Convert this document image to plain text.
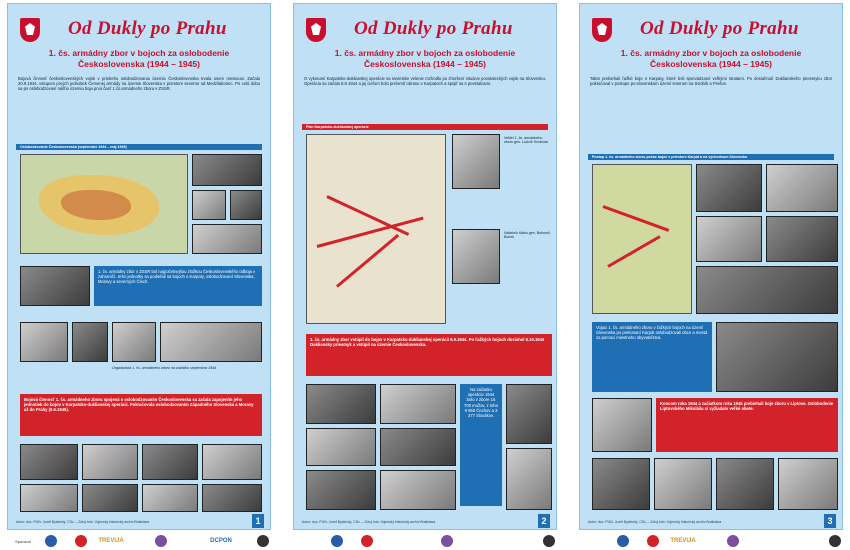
Od Dukly po Prahu
1. čs. armádny zbor v bojoch za oslobodenie
Československa (1944 – 1945)
Bojová činnosť československých vojsk v priebehu oslobodzovania územia Československa trvala osem mesiacov. Začala 20.9.1944, vstupom prvých jednotiek Červenej armády na územie Slovenska v priestore severne od Medzilaboriec. Po celú dobu sa po oslobodzovaní nášho územia boja prvá časť 1.čs.armádneho zboru v ZSSR.
Oslobodzovanie Československa (september 1944 – máj 1945)
1. čs. armádny zbor v ZSSR bol najpočetnejšou zložkou Československého odboja v zahraničí. Jeho jednotky sa podieľali na bojoch o Karpaty, oslobodzovaní Slovenska, Moravy a severných Čiech.
Organizácia 1. čs. armádneho zboru na začiatku septembra 1944
Bojová činnosť 1. čs. armádneho zboru spojená s oslobodzovaním Československa sa začala zapojením jeho jednotiek do bojov v Karpatsko-duklianskej operácii. Pokračovala oslobodzovaním Západného Slovenska a Moravy až do Prahy (9.5.1945).
Autor: doc. PhDr. Jozef Bystrický, CSc. – Zdroj foto: Vojenský historický archív Bratislava	1
Od Dukly po Prahu
1. čs. armádny zbor v bojoch za oslobodenie
Československa (1944 – 1945)
O vykonaní Karpatsko-duklianskej operácie sa sovietske velenie rozhodlo po zhoršení situácie povstaleckých vojsk na Slovensku. Operácia sa začala 8.9.1944 a jej cieľom bolo prelomiť obranu v Karpatoch a spojiť sa s povstalcami.
Plán Karpatsko-duklianskej operácie
Velitel 1. čs. armádneho zboru gen. Ludvík Svoboda
Náčelník štábu gen. Bohumil Boček
1. čs. armádny zbor vstúpil do bojov v Karpatsko-duklianskej operácii 9.9.1944. Po ťažkých bojoch dosiahol 6.10.1944 Dukliansky priesmyk a vstúpil na územie Československa.
Na začiatku operácie 1944 bolo v zbore 16 700 mužov, z toho 9 966 Čechov a 3 377 Slovákov.
Autor: doc. PhDr. Jozef Bystrický, CSc. – Zdroj foto: Vojenský historický archív Bratislava	2
Od Dukly po Prahu
1. čs. armádny zbor v bojoch za oslobodenie
Československa (1944 – 1945)
Takto prebiehali ťažké boje o Karpaty, ktoré boli sprevádzané veľkými stratami. Po dosiahnutí Duklianskeho priesmyku zbor pokračoval v postupe po slovenskom území smerom na Svidník a Prešov.
Postup 1. čs. armádneho zboru počas bojov v priestore Karpát a na východnom Slovensku
Vojaci 1. čs. armádneho zboru v ťažkých bojoch na území Slovenska po prekonaní Karpát oslobodzovali obce a mestá za pomoci miestneho obyvateľstva.
Koncom roka 1944 a začiatkom roka 1945 prebiehali boje zboru v Liptove. Oslobodenie Liptovského Mikuláša si vyžiadalo veľké obete.
Autor: doc. PhDr. Jozef Bystrický, CSc. – Zdroj foto: Vojenský historický archív Bratislava	3
Sponzori	TREVIJA	DCPON	TREVIJA
